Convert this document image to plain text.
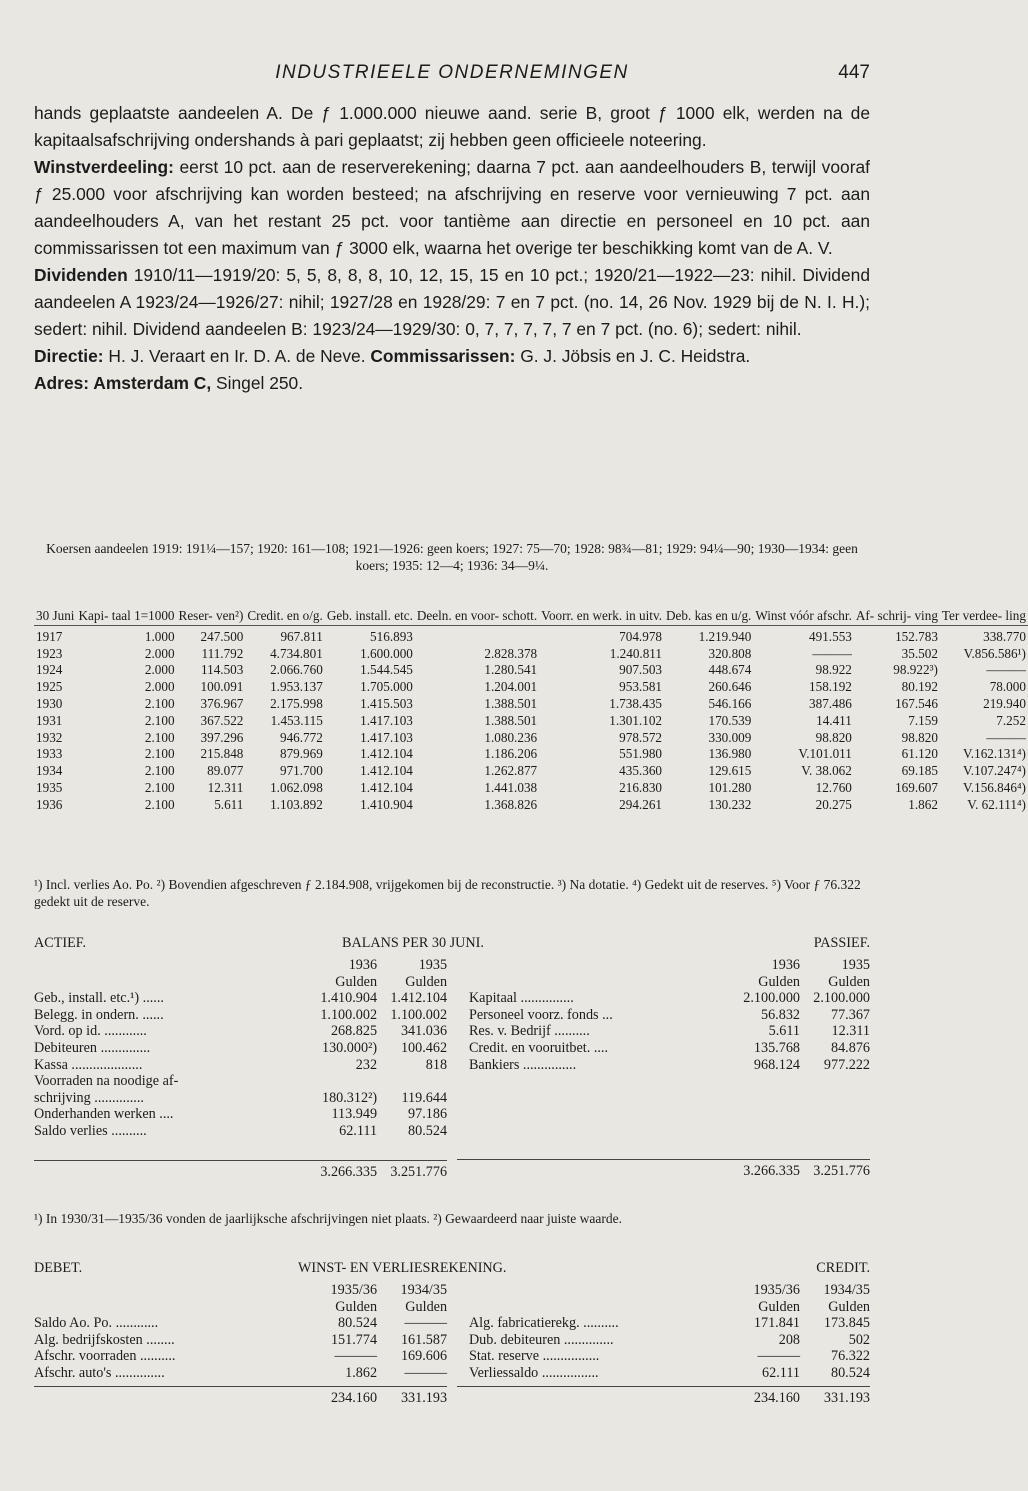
INDUSTRIEELE ONDERNEMINGEN	447

hands geplaatste aandeelen A. De ƒ 1.000.000 nieuwe aand. serie B, groot ƒ 1000 elk, werden na de kapitaalsafschrijving ondershands à pari geplaatst; zij hebben geen officieele noteering.

Winstverdeeling: eerst 10 pct. aan de reserverekening; daarna 7 pct. aan aandeelhouders B, terwijl vooraf ƒ 25.000 voor afschrijving kan worden besteed; na afschrijving en reserve voor vernieuwing 7 pct. aan aandeelhouders A, van het restant 25 pct. voor tantième aan directie en personeel en 10 pct. aan commissarissen tot een maximum van ƒ 3000 elk, waarna het overige ter beschikking komt van de A. V.

Dividenden 1910/11—1919/20: 5, 5, 8, 8, 8, 10, 12, 15, 15 en 10 pct.; 1920/21—1922—23: nihil. Dividend aandeelen A 1923/24—1926/27: nihil; 1927/28 en 1928/29: 7 en 7 pct. (no. 14, 26 Nov. 1929 bij de N. I. H.); sedert: nihil. Dividend aandeelen B: 1923/24—1929/30: 0, 7, 7, 7, 7, 7 en 7 pct. (no. 6); sedert: nihil.

Directie: H. J. Veraart en Ir. D. A. de Neve. Commissarissen: G. J. Jöbsis en J. C. Heidstra.

Adres: Amsterdam C, Singel 250.

Koersen aandeelen 1919: 191¼—157; 1920: 161—108; 1921—1926: geen koers; 1927: 75—70; 1928: 98¾—81; 1929: 94¼—90; 1930—1934: geen koers; 1935: 12—4; 1936: 34—9¼.
30 Juni	Kapi- taal 1=1000	Reser- ven²)	Credit. en o/g.	Geb. install. etc.	Deeln. en voor- schott.	Voorr. en werk. in uitv.	Deb. kas en u/g.	Winst vóór afschr.	Af- schrij- ving	Ter verdee- ling
1917	1.000	247.500	967.811	516.893		704.978	1.219.940	491.553	152.783	338.770
1923	2.000	111.792	4.734.801	1.600.000	2.828.378	1.240.811	320.808	———	35.502	V.856.586¹)
1924	2.000	114.503	2.066.760	1.544.545	1.280.541	907.503	448.674	98.922	98.922³)	———
1925	2.000	100.091	1.953.137	1.705.000	1.204.001	953.581	260.646	158.192	80.192	78.000
1930	2.100	376.967	2.175.998	1.415.503	1.388.501	1.738.435	546.166	387.486	167.546	219.940
1931	2.100	367.522	1.453.115	1.417.103	1.388.501	1.301.102	170.539	14.411	7.159	7.252
1932	2.100	397.296	946.772	1.417.103	1.080.236	978.572	330.009	98.820	98.820	———
1933	2.100	215.848	879.969	1.412.104	1.186.206	551.980	136.980	V.101.011	61.120	V.162.131⁴)
1934	2.100	89.077	971.700	1.412.104	1.262.877	435.360	129.615	V. 38.062	69.185	V.107.247⁴)
1935	2.100	12.311	1.062.098	1.412.104	1.441.038	216.830	101.280	12.760	169.607	V.156.846⁴)
1936	2.100	5.611	1.103.892	1.410.904	1.368.826	294.261	130.232	20.275	1.862	V. 62.111⁴)
¹) Incl. verlies Ao. Po. ²) Bovendien afgeschreven ƒ 2.184.908, vrijgekomen bij de reconstructie. ³) Na dotatie. ⁴) Gedekt uit de reserves. ⁵) Voor ƒ 76.322 gedekt uit de reserve.
ACTIEF.	BALANS PER 30 JUNI.	PASSIEF.
1936	1935
Gulden	Gulden
Geb., install. etc.¹) ......	1.410.904 1.412.104
Belegg. in ondern. ......	1.100.002 1.100.002
Vord. op id. ............	268.825	341.036
Debiteuren ..............	130.000²)	100.462
Kassa ....................	232	818
Voorraden na noodige af-
schrijving ..............	180.312²)	119.644
Onderhanden werken ....	113.949	97.186
Saldo verlies ..........	62.111	80.524
3.266.335 3.251.776
1936	1935
Gulden	Gulden
Kapitaal ...............	2.100.000 2.100.000
Personeel voorz. fonds ...	56.832	77.367
Res. v. Bedrijf ..........	5.611	12.311
Credit. en vooruitbet. ....	135.768	84.876
Bankiers ...............	968.124	977.222
3.266.335 3.251.776
¹) In 1930/31—1935/36 vonden de jaarlijksche afschrijvingen niet plaats. ²) Gewaardeerd naar juiste waarde.
DEBET.	WINST- EN VERLIESREKENING.	CREDIT.
1935/36	1934/35
Gulden	Gulden
Saldo Ao. Po. ............	80.524	———
Alg. bedrijfskosten ........	151.774	161.587
Afschr. voorraden ..........	———	169.606
Afschr. auto's ..............	1.862	———
234.160	331.193
1935/36	1934/35
Gulden	Gulden
Alg. fabricatierekg. ..........	171.841	173.845
Dub. debiteuren ..............	208	502
Stat. reserve ................	———	76.322
Verliessaldo ................	62.111	80.524
234.160	331.193
